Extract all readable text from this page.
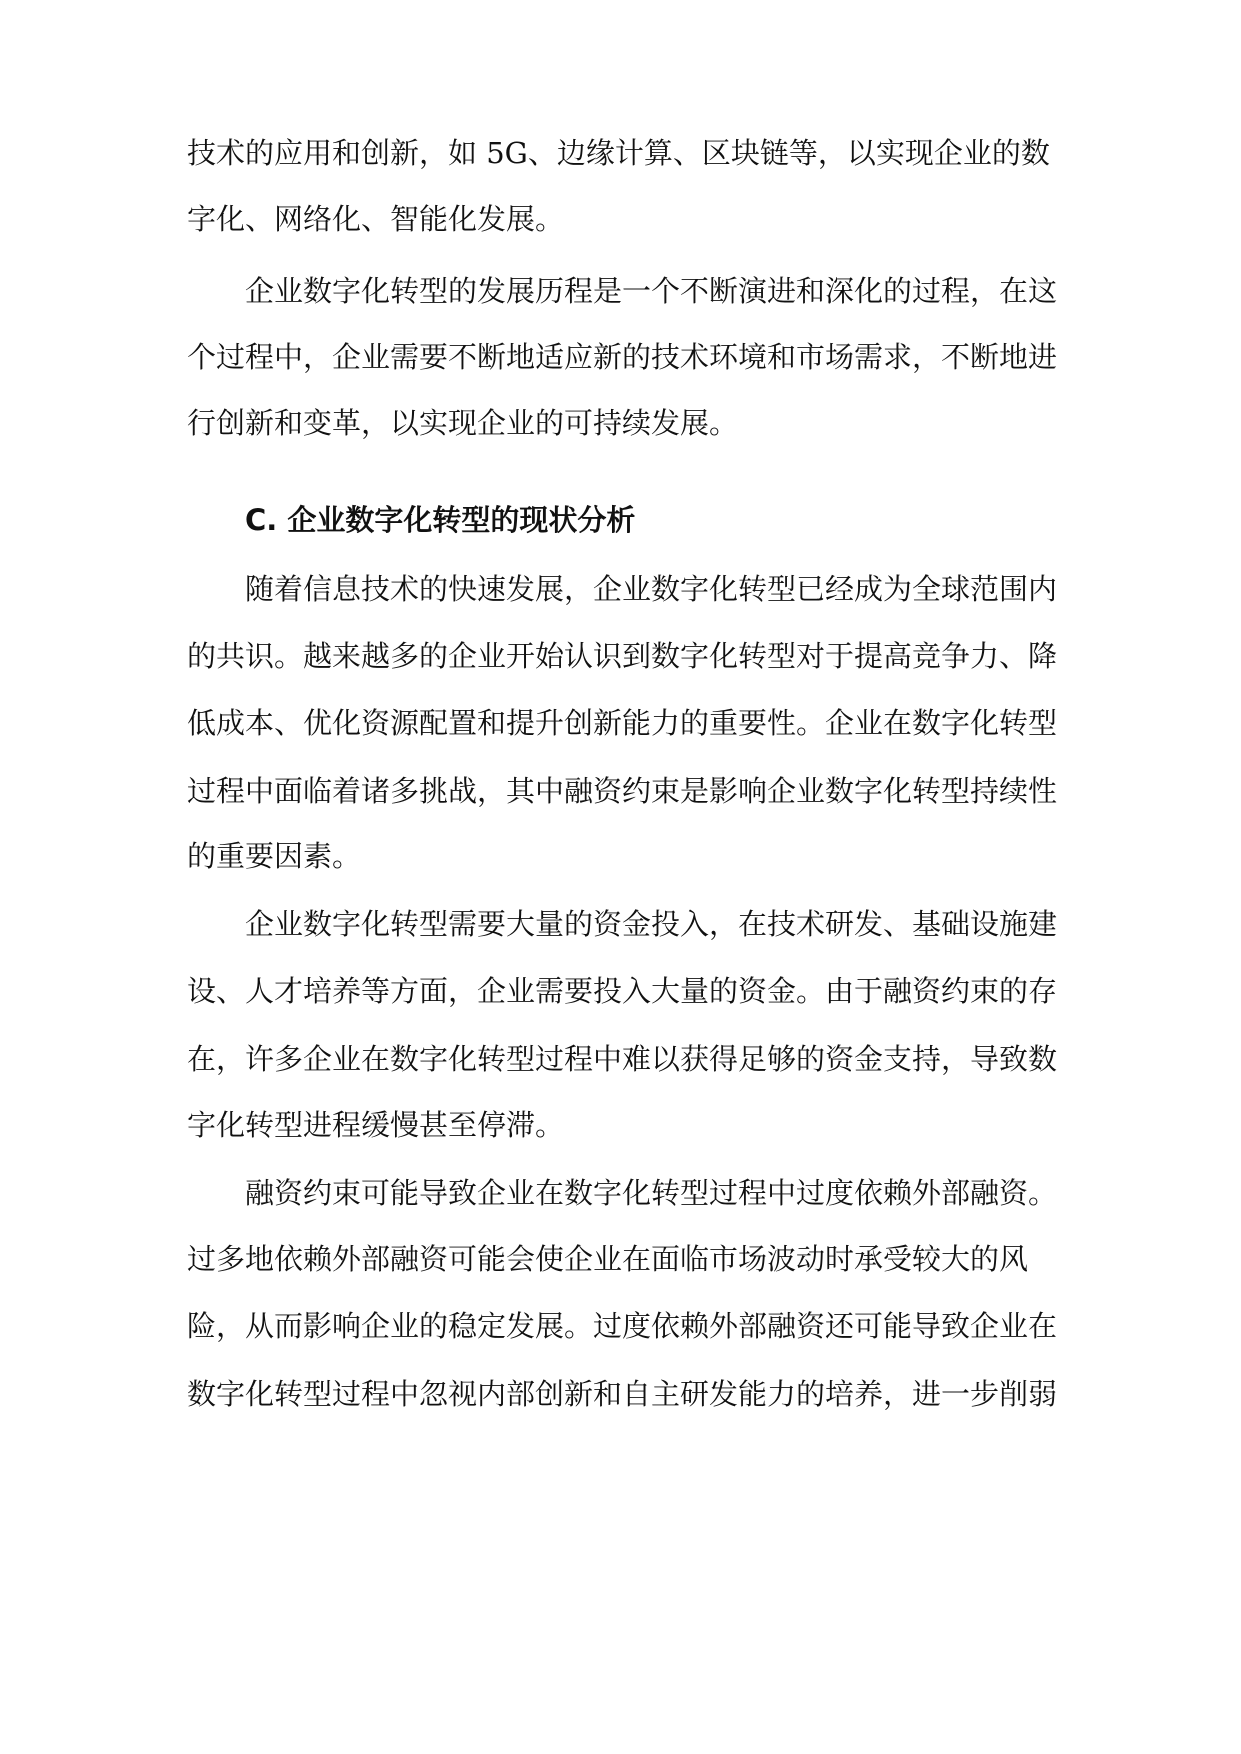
技术的应用和创新，如 5G、边缘计算、区块链等，以实现企业的数
字化、网络化、智能化发展。
企业数字化转型的发展历程是一个不断演进和深化的过程，在这
个过程中，企业需要不断地适应新的技术环境和市场需求，不断地进
行创新和变革，以实现企业的可持续发展。
C. 企业数字化转型的现状分析
随着信息技术的快速发展，企业数字化转型已经成为全球范围内
的共识。越来越多的企业开始认识到数字化转型对于提高竞争力、降
低成本、优化资源配置和提升创新能力的重要性。企业在数字化转型
过程中面临着诸多挑战，其中融资约束是影响企业数字化转型持续性
的重要因素。
企业数字化转型需要大量的资金投入，在技术研发、基础设施建
设、人才培养等方面，企业需要投入大量的资金。由于融资约束的存
在，许多企业在数字化转型过程中难以获得足够的资金支持，导致数
字化转型进程缓慢甚至停滞。
融资约束可能导致企业在数字化转型过程中过度依赖外部融资。
过多地依赖外部融资可能会使企业在面临市场波动时承受较大的风
险，从而影响企业的稳定发展。过度依赖外部融资还可能导致企业在
数字化转型过程中忽视内部创新和自主研发能力的培养，进一步削弱
